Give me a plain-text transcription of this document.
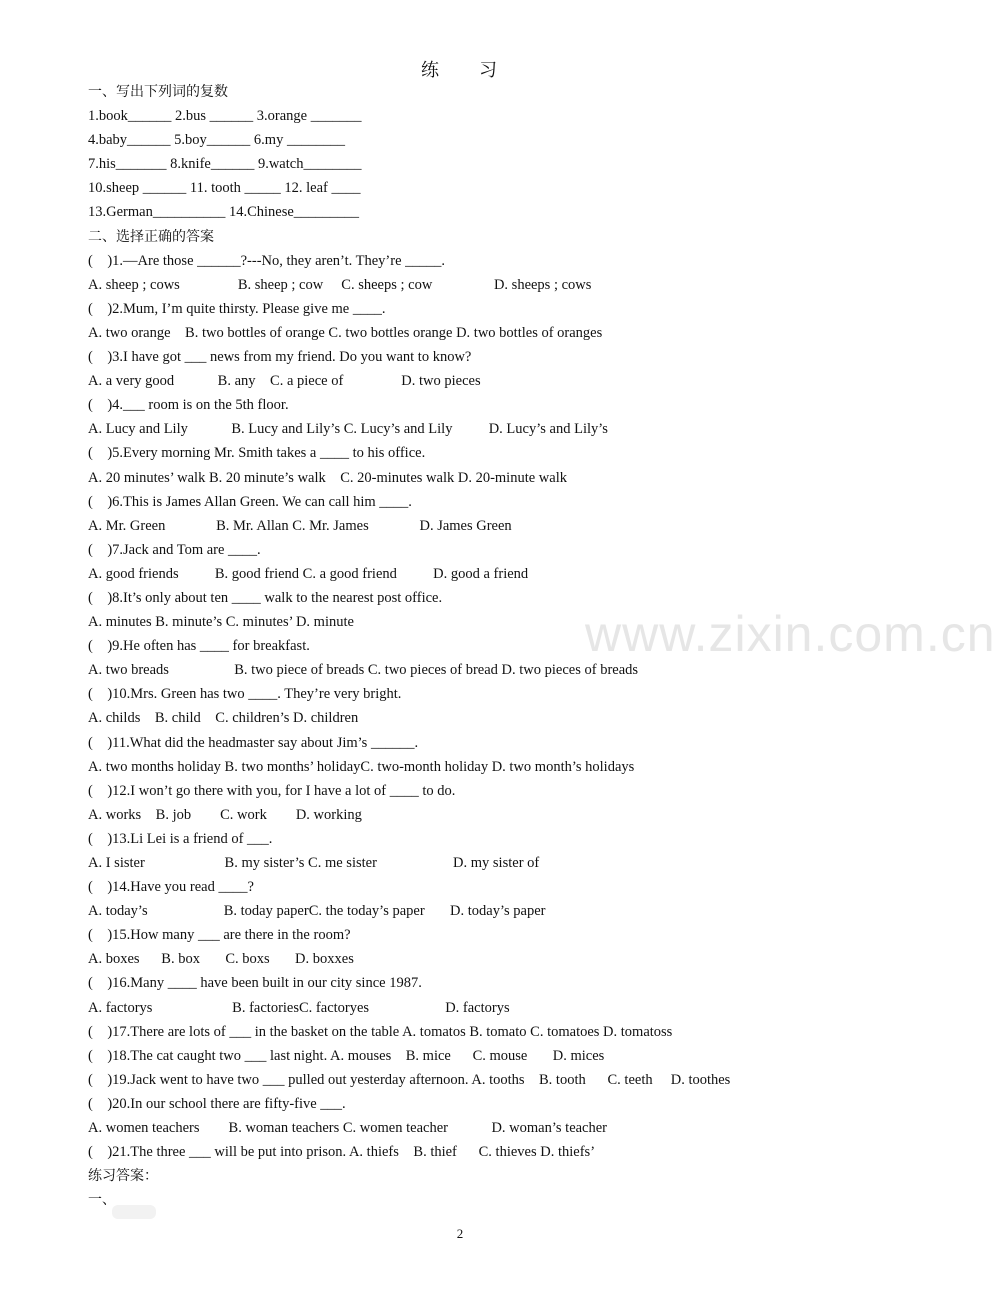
www.zixin.com.cn
练 习
一、写出下列词的复数
1.book______ 2.bus ______ 3.orange _______
4.baby______ 5.boy______ 6.my ________
7.his_______ 8.knife______ 9.watch________
10.sheep ______ 11. tooth _____ 12. leaf ____
13.German__________ 14.Chinese_________
二、选择正确的答案
(    )1.—Are those ______?---No, they aren’t. They’re _____.
A. sheep ; cows                B. sheep ; cow     C. sheeps ; cow                 D. sheeps ; cows
(    )2.Mum, I’m quite thirsty. Please give me ____.
A. two orange    B. two bottles of orange C. two bottles orange D. two bottles of oranges
(    )3.I have got ___ news from my friend. Do you want to know?
A. a very good            B. any    C. a piece of                D. two pieces
(    )4.___ room is on the 5th floor.
A. Lucy and Lily            B. Lucy and Lily’s C. Lucy’s and Lily          D. Lucy’s and Lily’s
(    )5.Every morning Mr. Smith takes a ____ to his office.
A. 20 minutes’ walk B. 20 minute’s walk    C. 20-minutes walk D. 20-minute walk
(    )6.This is James Allan Green. We can call him ____.
A. Mr. Green              B. Mr. Allan C. Mr. James              D. James Green
(    )7.Jack and Tom are ____.
A. good friends          B. good friend C. a good friend          D. good a friend
(    )8.It’s only about ten ____ walk to the nearest post office.
A. minutes B. minute’s C. minutes’ D. minute
(    )9.He often has ____ for breakfast.
A. two breads                  B. two piece of breads C. two pieces of bread D. two pieces of breads
(    )10.Mrs. Green has two ____. They’re very bright.
A. childs    B. child    C. children’s D. children
(    )11.What did the headmaster say about Jim’s ______.
A. two months holiday B. two months’ holidayC. two-month holiday D. two month’s holidays
(    )12.I won’t go there with you, for I have a lot of ____ to do.
A. works    B. job        C. work        D. working
(    )13.Li Lei is a friend of ___.
A. I sister                      B. my sister’s C. me sister                     D. my sister of
(    )14.Have you read ____?
A. today’s                     B. today paperC. the today’s paper       D. today’s paper
(    )15.How many ___ are there in the room?
A. boxes      B. box       C. boxs       D. boxxes
(    )16.Many ____ have been built in our city since 1987.
A. factorys                      B. factoriesC. factoryes                     D. factorys
(    )17.There are lots of ___ in the basket on the table A. tomatos B. tomato C. tomatoes D. tomatoss
(    )18.The cat caught two ___ last night. A. mouses    B. mice      C. mouse       D. mices
(    )19.Jack went to have two ___ pulled out yesterday afternoon. A. tooths    B. tooth      C. teeth     D. toothes
(    )20.In our school there are fifty-five ___.
A. women teachers        B. woman teachers C. women teacher            D. woman’s teacher
(    )21.The three ___ will be put into prison. A. thiefs    B. thief      C. thieves D. thiefs’
练习答案：
一、
2
